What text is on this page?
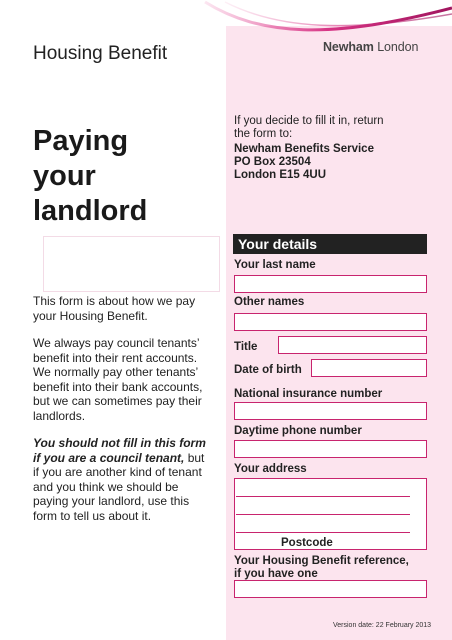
Newham London
Housing Benefit
Paying
your
landlord
If you decide to fill it in, return
the form to:
Newham Benefits Service
PO Box 23504
London E15 4UU

This form is about how we pay
your Housing Benefit.

We always pay council tenants’
benefit into their rent accounts.
We normally pay other tenants’
benefit into their bank accounts,
but we can sometimes pay their
landlords.

You should not fill in this form
if you are a council tenant, but
if you are another kind of tenant
and you think we should be
paying your landlord, use this
form to tell us about it.

Your details
Your last name
Other names
Title
Date of birth
National insurance number
Daytime phone number
Your address
Postcode
Your Housing Benefit reference,
if you have one
Version date: 22 February 2013
